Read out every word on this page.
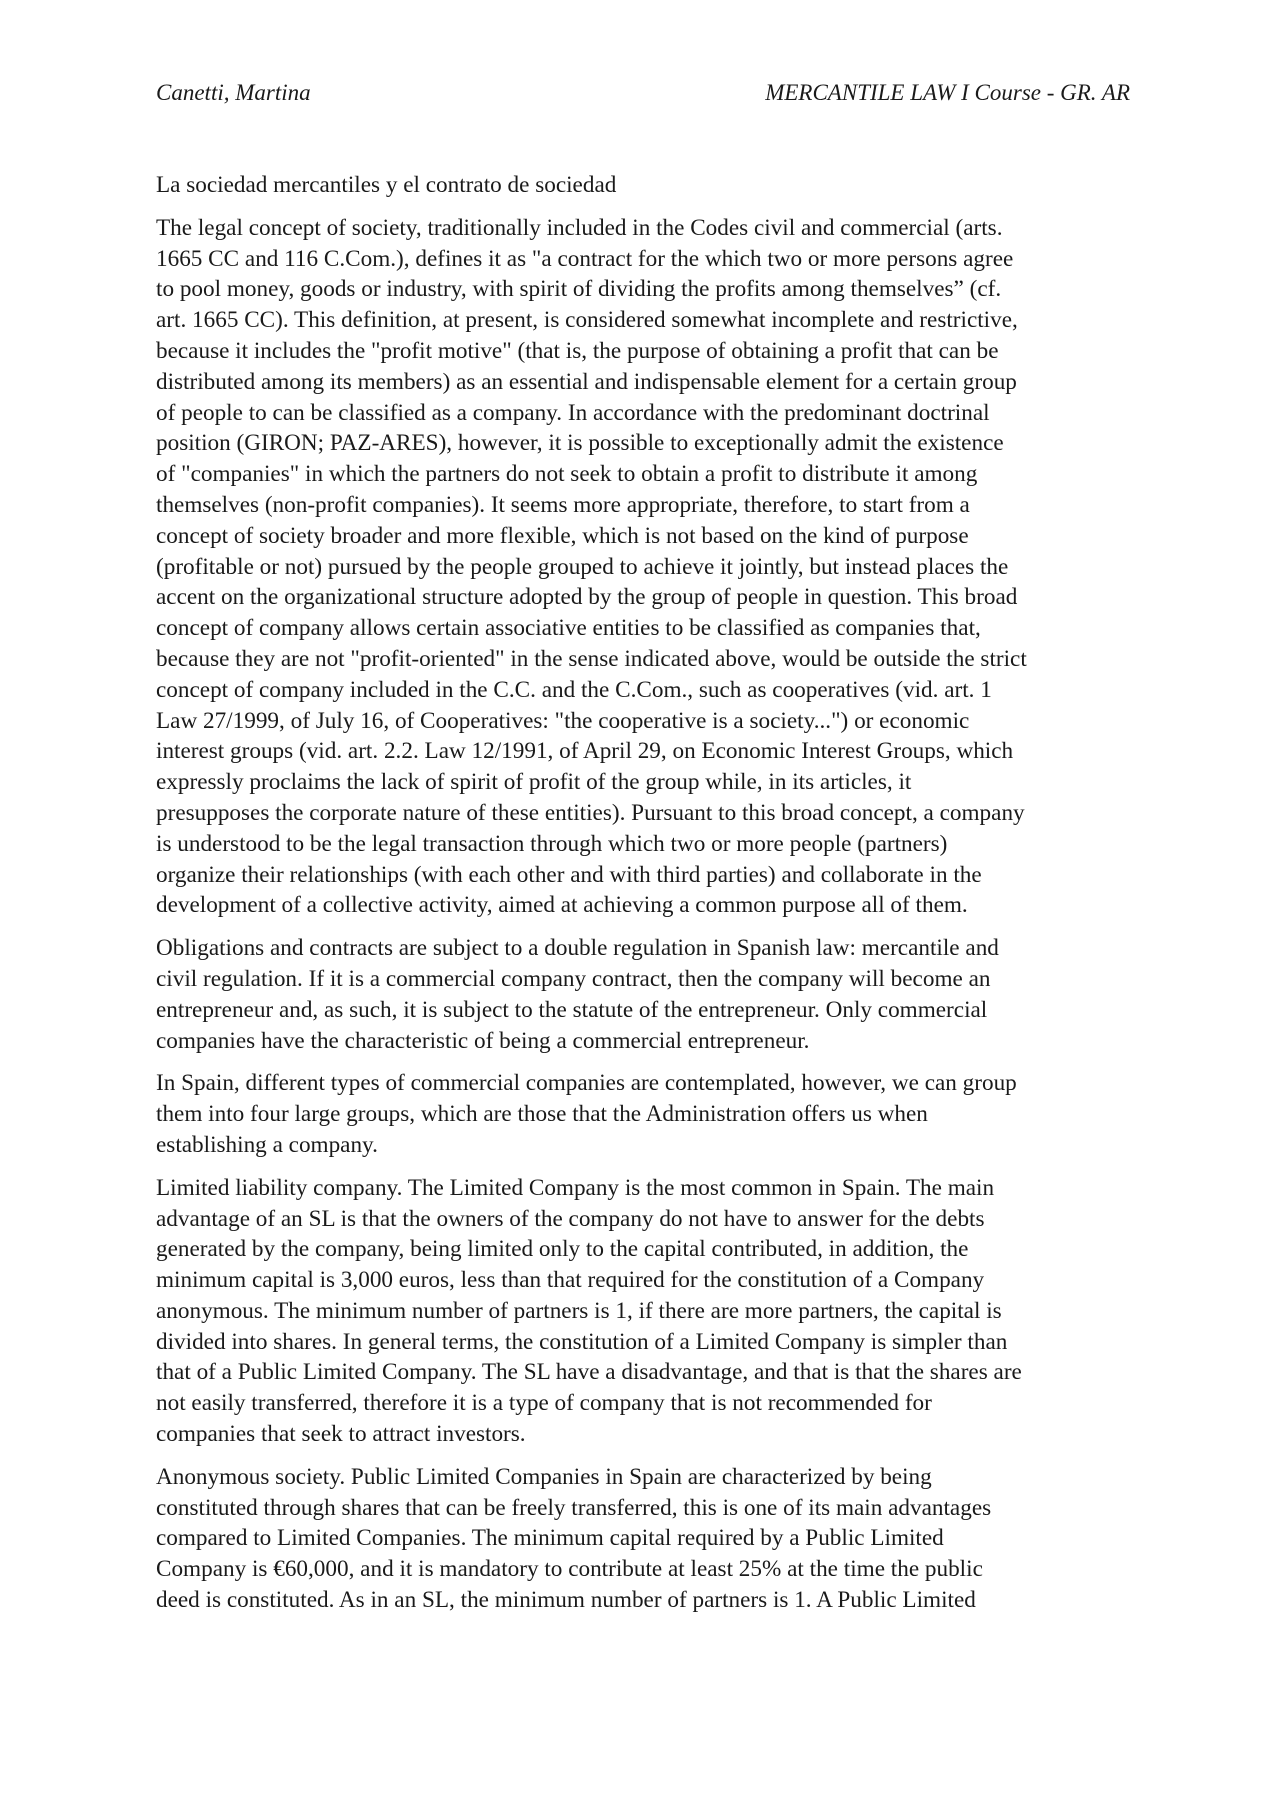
Canetti, Martina	MERCANTILE LAW I Course - GR. AR

La sociedad mercantiles y el contrato de sociedad

The legal concept of society, traditionally included in the Codes civil and commercial (arts.
1665 CC and 116 C.Com.), defines it as "a contract for the which two or more persons agree
to pool money, goods or industry, with spirit of dividing the profits among themselves” (cf.
art. 1665 CC). This definition, at present, is considered somewhat incomplete and restrictive,
because it includes the "profit motive" (that is, the purpose of obtaining a profit that can be
distributed among its members) as an essential and indispensable element for a certain group
of people to can be classified as a company. In accordance with the predominant doctrinal
position (GIRON; PAZ-ARES), however, it is possible to exceptionally admit the existence
of "companies" in which the partners do not seek to obtain a profit to distribute it among
themselves (non-profit companies). It seems more appropriate, therefore, to start from a
concept of society broader and more flexible, which is not based on the kind of purpose
(profitable or not) pursued by the people grouped to achieve it jointly, but instead places the
accent on the organizational structure adopted by the group of people in question. This broad
concept of company allows certain associative entities to be classified as companies that,
because they are not "profit-oriented" in the sense indicated above, would be outside the strict
concept of company included in the C.C. and the C.Com., such as cooperatives (vid. art. 1
Law 27/1999, of July 16, of Cooperatives: "the cooperative is a society...") or economic
interest groups (vid. art. 2.2. Law 12/1991, of April 29, on Economic Interest Groups, which
expressly proclaims the lack of spirit of profit of the group while, in its articles, it
presupposes the corporate nature of these entities). Pursuant to this broad concept, a company
is understood to be the legal transaction through which two or more people (partners)
organize their relationships (with each other and with third parties) and collaborate in the
development of a collective activity, aimed at achieving a common purpose all of them.

Obligations and contracts are subject to a double regulation in Spanish law: mercantile and
civil regulation. If it is a commercial company contract, then the company will become an
entrepreneur and, as such, it is subject to the statute of the entrepreneur. Only commercial
companies have the characteristic of being a commercial entrepreneur.

In Spain, different types of commercial companies are contemplated, however, we can group
them into four large groups, which are those that the Administration offers us when
establishing a company.

Limited liability company. The Limited Company is the most common in Spain. The main
advantage of an SL is that the owners of the company do not have to answer for the debts
generated by the company, being limited only to the capital contributed, in addition, the
minimum capital is 3,000 euros, less than that required for the constitution of a Company
anonymous. The minimum number of partners is 1, if there are more partners, the capital is
divided into shares. In general terms, the constitution of a Limited Company is simpler than
that of a Public Limited Company. The SL have a disadvantage, and that is that the shares are
not easily transferred, therefore it is a type of company that is not recommended for
companies that seek to attract investors.

Anonymous society. Public Limited Companies in Spain are characterized by being
constituted through shares that can be freely transferred, this is one of its main advantages
compared to Limited Companies. The minimum capital required by a Public Limited
Company is €60,000, and it is mandatory to contribute at least 25% at the time the public
deed is constituted. As in an SL, the minimum number of partners is 1. A Public Limited
